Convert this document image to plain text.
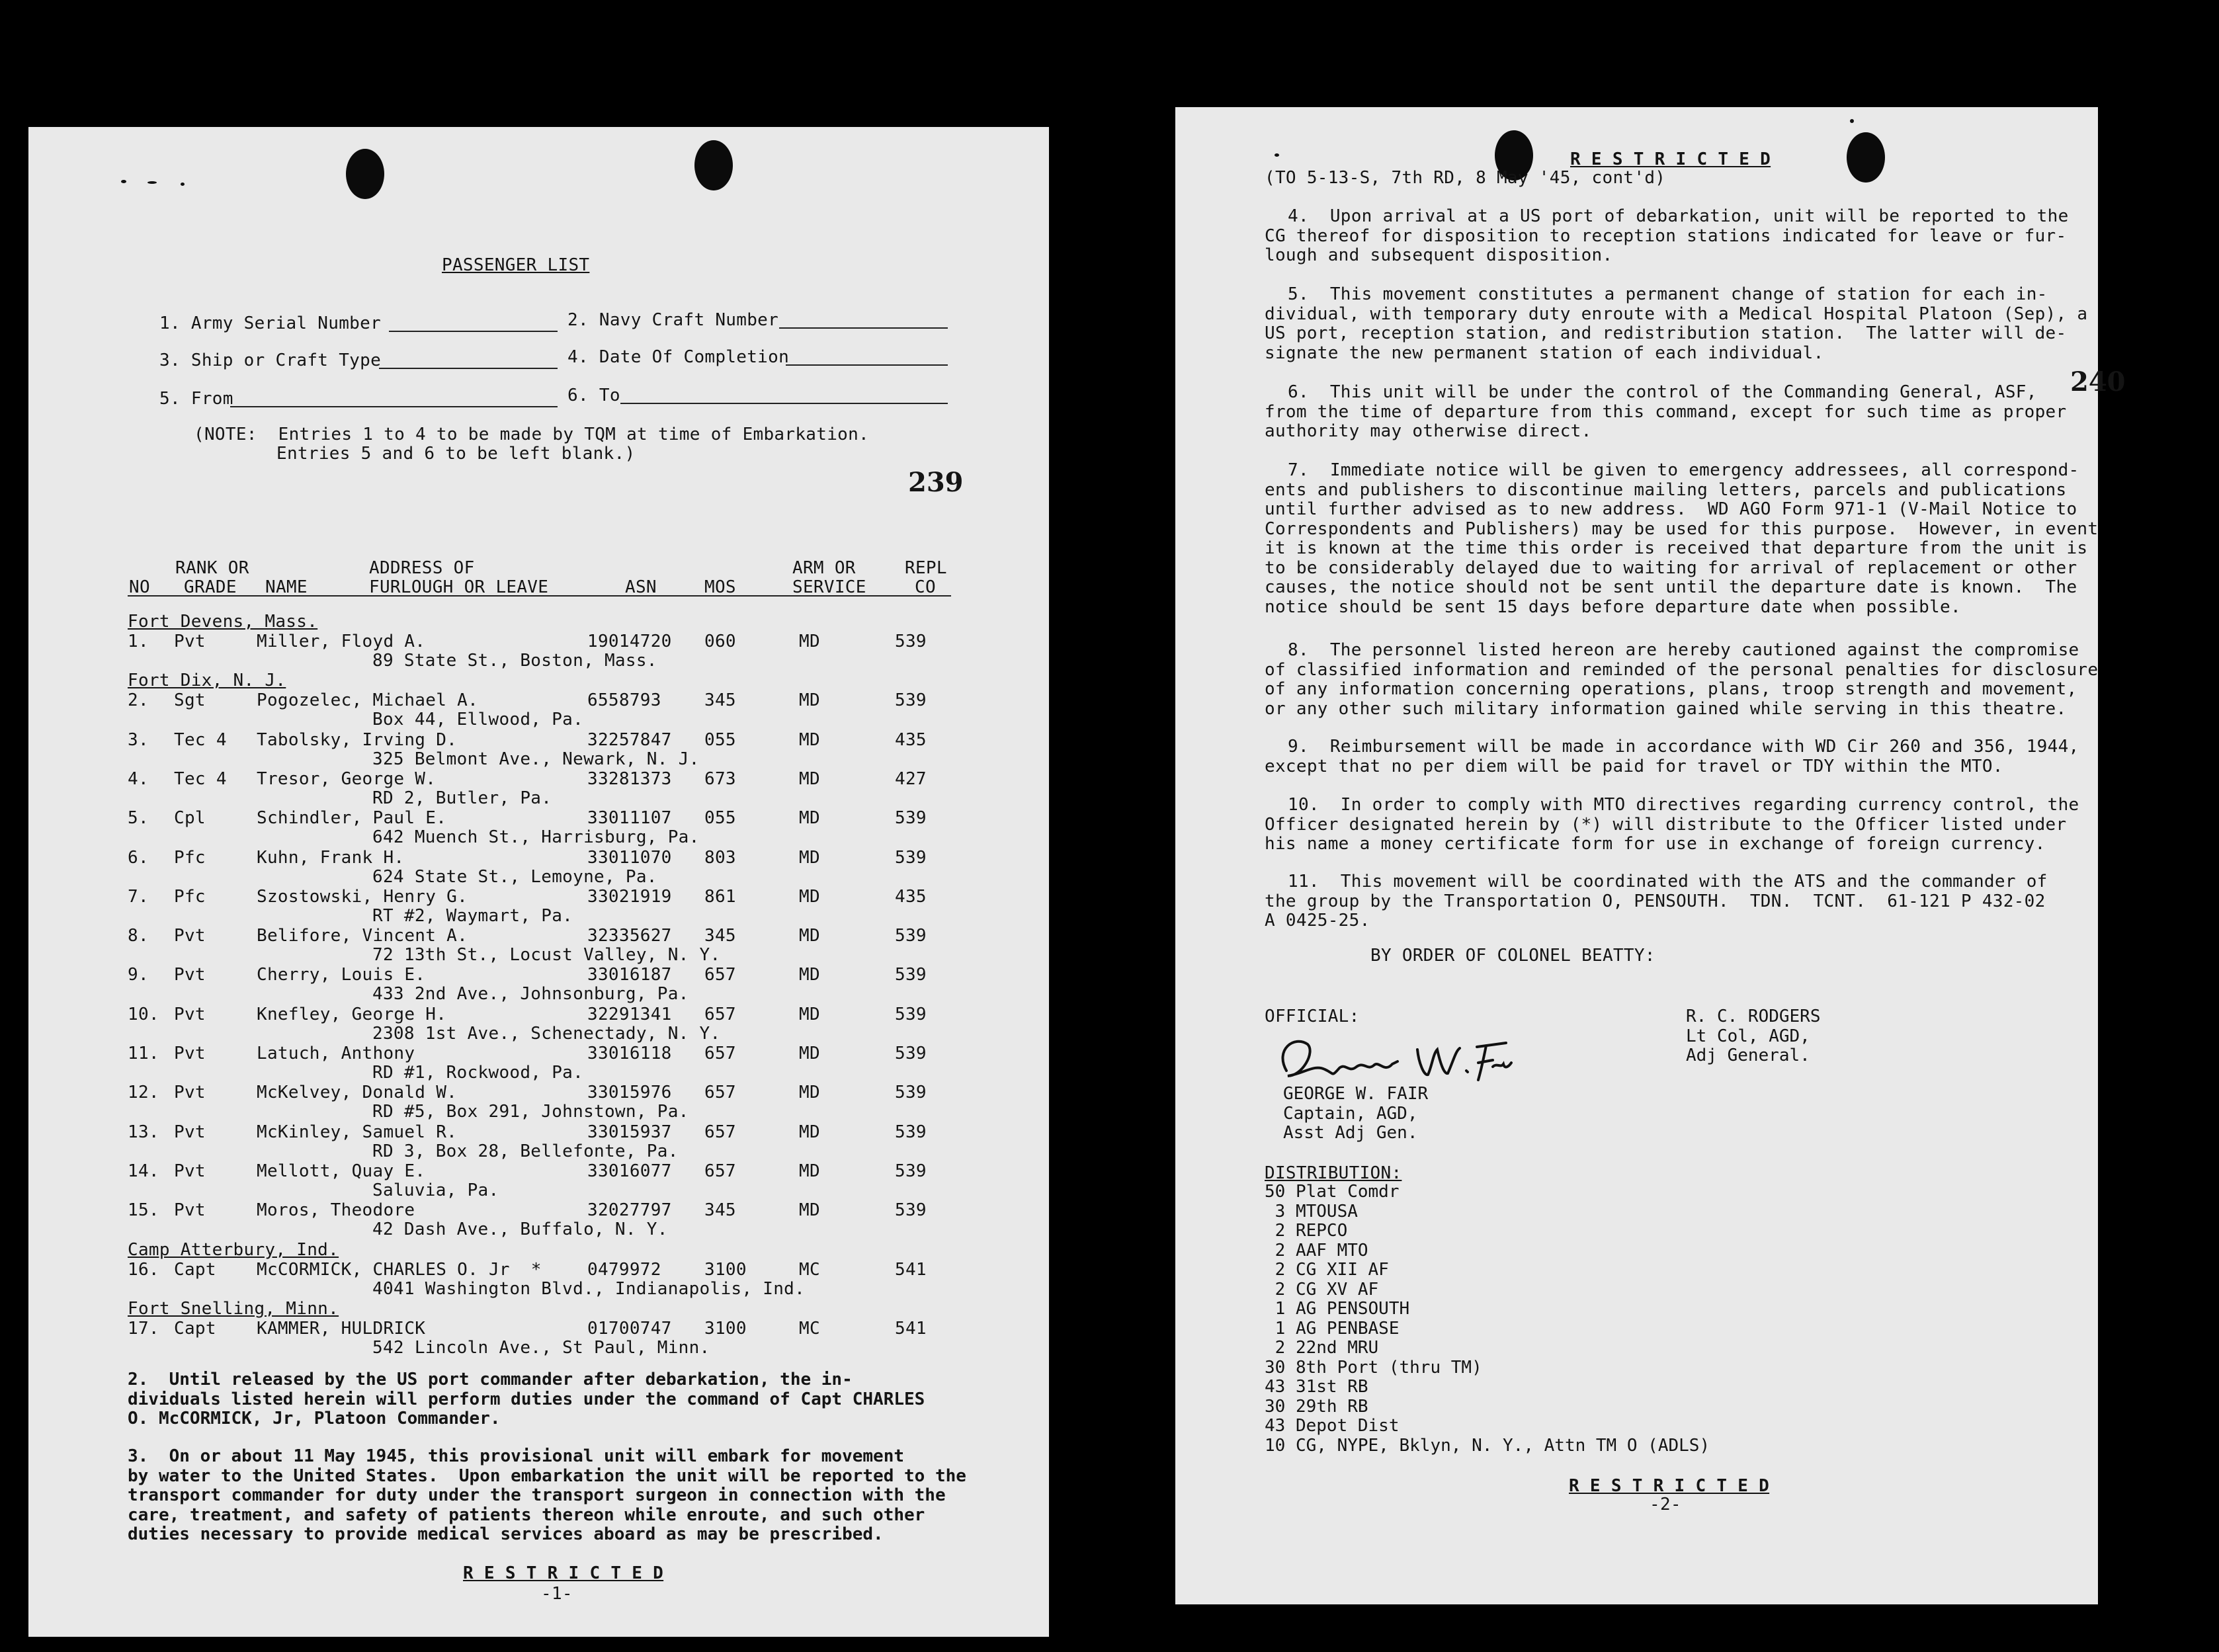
PASSENGER LIST
1. Army Serial Number	2. Navy Craft Number
3. Ship or Craft Type	4. Date Of Completion
5. From	6. To
(NOTE:  Entries 1 to 4 to be made by TQM at time of Embarkation.
Entries 5 and 6 to be left blank.)
239
RANK OR	ADDRESS OF	ARM OR	REPL
NO GRADE NAME	FURLOUGH OR LEAVE	ASN	MOS	SERVICE	CO
Fort Devens, Mass.
1. Pvt	Miller, Floyd A.	19014720 060	MD	539
89 State St., Boston, Mass.
Fort Dix, N. J.
2. Sgt	Pogozelec, Michael A.	6558793	345	MD	539
Box 44, Ellwood, Pa.
3. Tec 4 Tabolsky, Irving D.	32257847 055	MD	435
325 Belmont Ave., Newark, N. J.
4. Tec 4 Tresor, George W.	33281373 673	MD	427
RD 2, Butler, Pa.
5. Cpl	Schindler, Paul E.	33011107 055	MD	539
642 Muench St., Harrisburg, Pa.
6. Pfc	Kuhn, Frank H.	33011070 803	MD	539
624 State St., Lemoyne, Pa.
7. Pfc	Szostowski, Henry G.	33021919 861	MD	435
RT #2, Waymart, Pa.
8. Pvt	Belifore, Vincent A.	32335627 345	MD	539
72 13th St., Locust Valley, N. Y.
9. Pvt	Cherry, Louis E.	33016187 657	MD	539
433 2nd Ave., Johnsonburg, Pa.
10. Pvt	Knefley, George H.	32291341 657	MD	539
2308 1st Ave., Schenectady, N. Y.
11. Pvt	Latuch, Anthony	33016118 657	MD	539
RD #1, Rockwood, Pa.
12. Pvt	McKelvey, Donald W.	33015976 657	MD	539
RD #5, Box 291, Johnstown, Pa.
13. Pvt	McKinley, Samuel R.	33015937 657	MD	539
RD 3, Box 28, Bellefonte, Pa.
14. Pvt	Mellott, Quay E.	33016077 657	MD	539
Saluvia, Pa.
15. Pvt	Moros, Theodore	32027797 345	MD	539
42 Dash Ave., Buffalo, N. Y.
Camp Atterbury, Ind.
16. Capt McCORMICK, CHARLES O. Jr  *	0479972	3100	MC	541
4041 Washington Blvd., Indianapolis, Ind.
Fort Snelling, Minn.
17. Capt KAMMER, HULDRICK	01700747 3100	MC	541
542 Lincoln Ave., St Paul, Minn.
2.  Until released by the US port commander after debarkation, the in-
dividuals listed herein will perform duties under the command of Capt CHARLES
O. McCORMICK, Jr, Platoon Commander.
3.  On or about 11 May 1945, this provisional unit will embark for movement
by water to the United States.  Upon embarkation the unit will be reported to the
transport commander for duty under the transport surgeon in connection with the
care, treatment, and safety of patients thereon while enroute, and such other
duties necessary to provide medical services aboard as may be prescribed.
R E S T R I C T E D
-1-
R E S T R I C T E D
(TO 5-13-S, 7th RD, 8 May '45, cont'd)
240
4.  Upon arrival at a US port of debarkation, unit will be reported to the
CG thereof for disposition to reception stations indicated for leave or fur-
lough and subsequent disposition.
5.  This movement constitutes a permanent change of station for each in-
dividual, with temporary duty enroute with a Medical Hospital Platoon (Sep), a
US port, reception station, and redistribution station.  The latter will de-
signate the new permanent station of each individual.
6.  This unit will be under the control of the Commanding General, ASF,
from the time of departure from this command, except for such time as proper
authority may otherwise direct.
7.  Immediate notice will be given to emergency addressees, all correspond-
ents and publishers to discontinue mailing letters, parcels and publications
until further advised as to new address.  WD AGO Form 971-1 (V-Mail Notice to
Correspondents and Publishers) may be used for this purpose.  However, in event
it is known at the time this order is received that departure from the unit is
to be considerably delayed due to waiting for arrival of replacement or other
causes, the notice should not be sent until the departure date is known.  The
notice should be sent 15 days before departure date when possible.
8.  The personnel listed hereon are hereby cautioned against the compromise
of classified information and reminded of the personal penalties for disclosure
of any information concerning operations, plans, troop strength and movement,
or any other such military information gained while serving in this theatre.
9.  Reimbursement will be made in accordance with WD Cir 260 and 356, 1944,
except that no per diem will be paid for travel or TDY within the MTO.
10.  In order to comply with MTO directives regarding currency control, the
Officer designated herein by (*) will distribute to the Officer listed under
his name a money certificate form for use in exchange of foreign currency.
11.  This movement will be coordinated with the ATS and the commander of
the group by the Transportation O, PENSOUTH.  TDN.  TCNT.  61-121 P 432-02
A 0425-25.
BY ORDER OF COLONEL BEATTY:
OFFICIAL:
GEORGE W. FAIR
Captain, AGD,
Asst Adj Gen.
R. C. RODGERS
Lt Col, AGD,
Adj General.
DISTRIBUTION:
50 Plat Comdr
3 MTOUSA
2 REPCO
2 AAF MTO
2 CG XII AF
2 CG XV AF
1 AG PENSOUTH
1 AG PENBASE
2 22nd MRU
30 8th Port (thru TM)
43 31st RB
30 29th RB
43 Depot Dist
10 CG, NYPE, Bklyn, N. Y., Attn TM O (ADLS)
R E S T R I C T E D
-2-
